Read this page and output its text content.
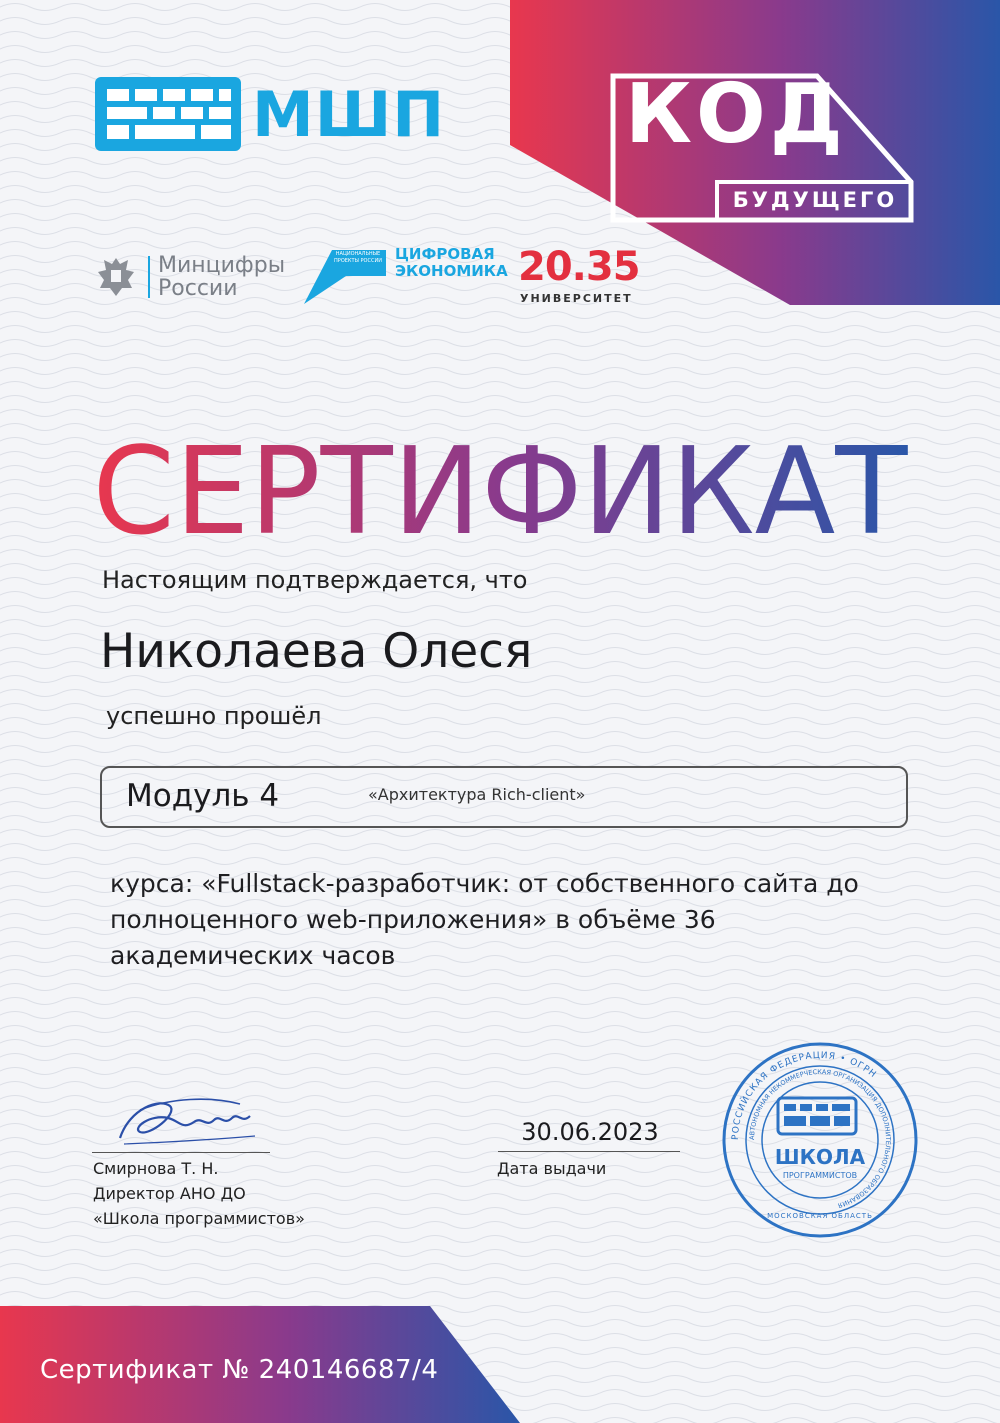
МШП КОД
БУДУЩЕГО
Минцифры
России
НАЦИОНАЛЬНЫЕ ПРОЕКТЫ РОССИИ ЦИФРОВАЯ
ЭКОНОМИКА 20.35
УНИВЕРСИТЕТ
СЕРТИФИКАТ
Настоящим подтверждается, что
Николаева Олеся
успешно прошёл
Модуль 4	«Архитектура Rich-client»
курса: «Fullstack-разработчик: от собственного сайта до полноценного web-приложения» в объёме 36 академических часов
Смирнова Т. Н.
Директор АНО ДО
«Школа программистов»
30.06.2023
Дата выдачи
РОССИЙСКАЯ ФЕДЕРАЦИЯ • ОГРН
АВТОНОМНАЯ НЕКОММЕРЧЕСКАЯ ОРГАНИЗАЦИЯ ДОПОЛНИТЕЛЬНОГО ОБРАЗОВАНИЯ
ШКОЛА
ПРОГРАММИСТОВ
МОСКОВСКАЯ ОБЛАСТЬ
Сертификат № 240146687/4
